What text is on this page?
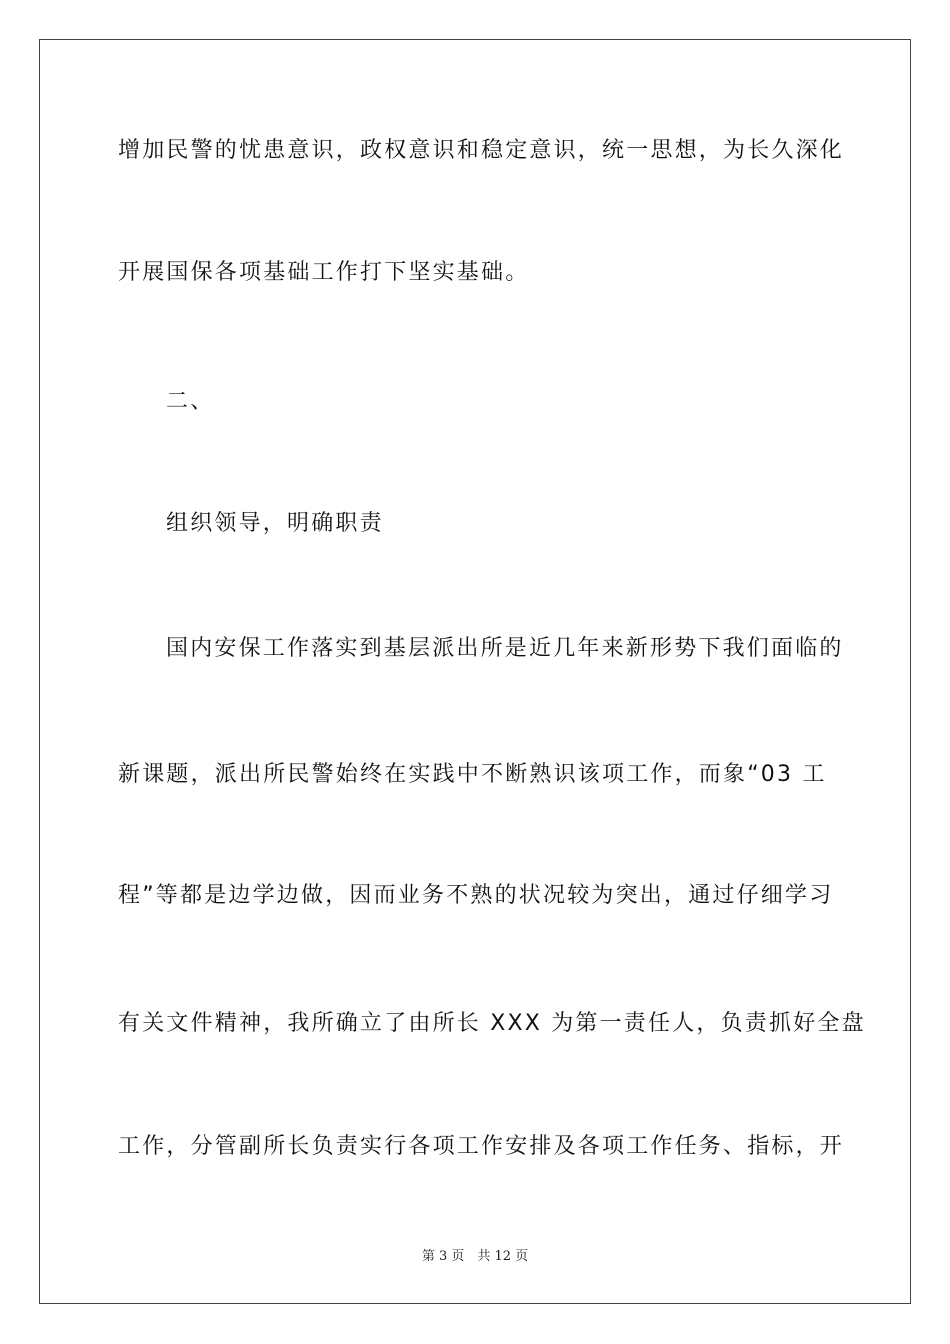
增加民警的忧患意识，政权意识和稳定意识，统一思想，为长久深化
开展国保各项基础工作打下坚实基础。
二、
组织领导，明确职责
国内安保工作落实到基层派出所是近几年来新形势下我们面临的
新课题，派出所民警始终在实践中不断熟识该项工作，而象“03 工
程”等都是边学边做，因而业务不熟的状况较为突出，通过仔细学习
有关文件精神，我所确立了由所长 XXX 为第一责任人，负责抓好全盘
工作，分管副所长负责实行各项工作安排及各项工作任务、指标，开
第 3 页　共 12 页
